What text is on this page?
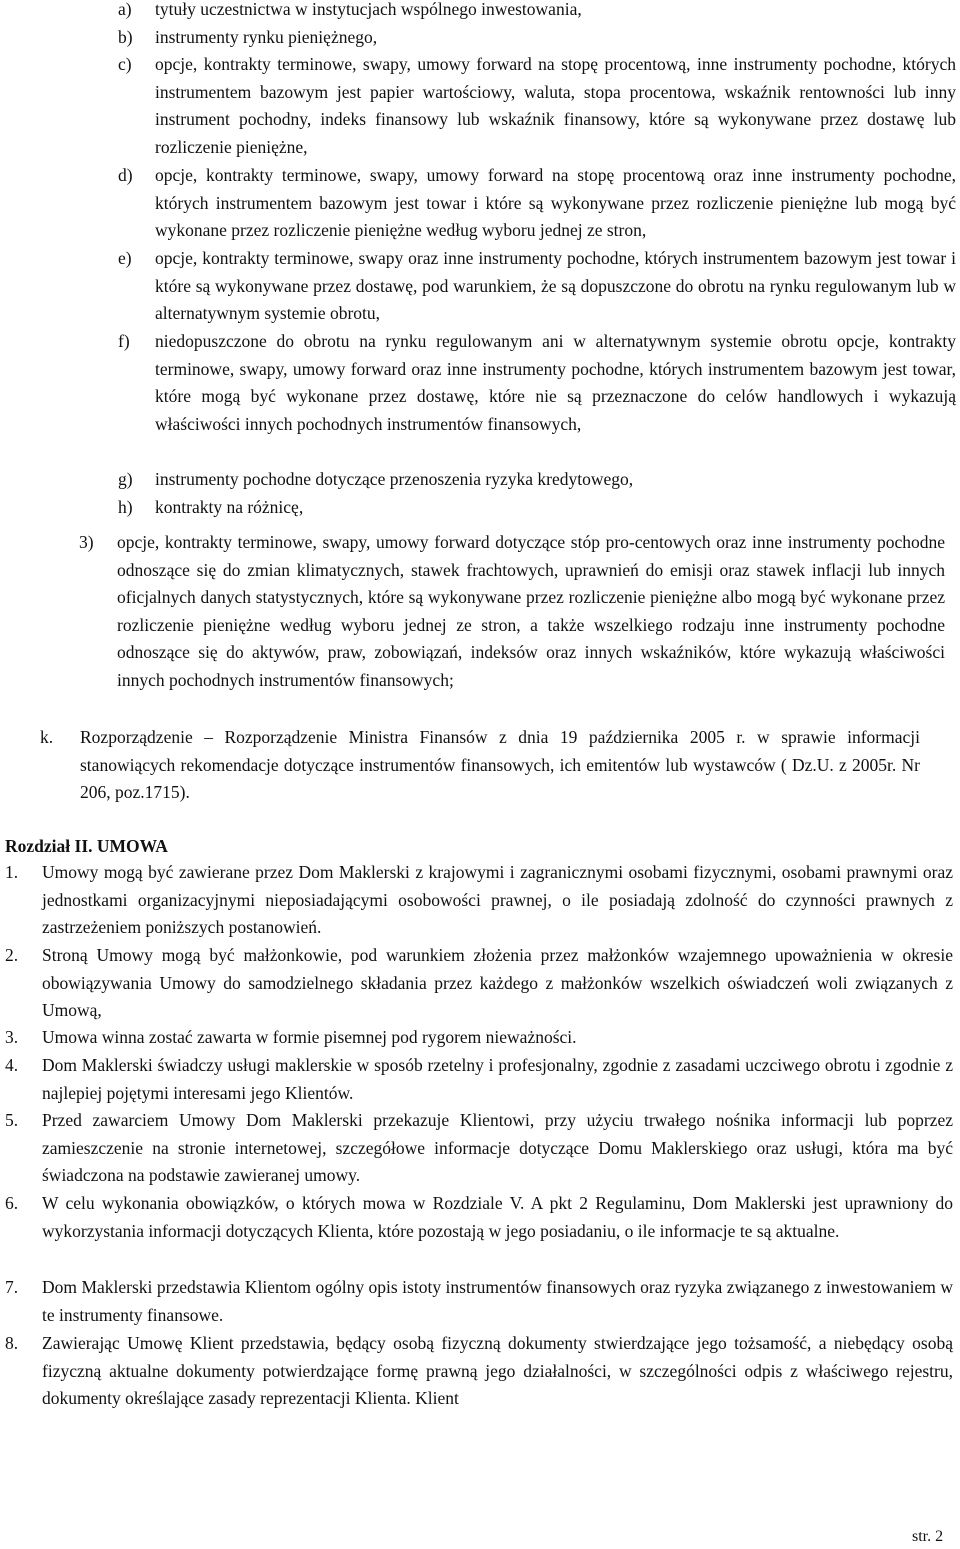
a) tytuły uczestnictwa w instytucjach wspólnego inwestowania,
b) instrumenty rynku pieniężnego,
c) opcje, kontrakty terminowe, swapy, umowy forward na stopę procentową, inne instrumenty pochodne, których instrumentem bazowym jest papier wartościowy, waluta, stopa procentowa, wskaźnik rentowności lub inny instrument pochodny, indeks finansowy lub wskaźnik finansowy, które są wykonywane przez dostawę lub rozliczenie pieniężne,
d) opcje, kontrakty terminowe, swapy, umowy forward na stopę procentową oraz inne instrumenty pochodne, których instrumentem bazowym jest towar i które są wykonywane przez rozliczenie pieniężne lub mogą być wykonane przez rozliczenie pieniężne według wyboru jednej ze stron,
e) opcje, kontrakty terminowe, swapy oraz inne instrumenty pochodne, których instrumentem bazowym jest towar i które są wykonywane przez dostawę, pod warunkiem, że są dopuszczone do obrotu na rynku regulowanym lub w alternatywnym systemie obrotu,
f) niedopuszczone do obrotu na rynku regulowanym ani w alternatywnym systemie obrotu opcje, kontrakty terminowe, swapy, umowy forward oraz inne instrumenty pochodne, których instrumentem bazowym jest towar, które mogą być wykonane przez dostawę, które nie są przeznaczone do celów handlowych i wykazują właściwości innych pochodnych instrumentów finansowych,
g) instrumenty pochodne dotyczące przenoszenia ryzyka kredytowego,
h) kontrakty na różnicę,
3) opcje, kontrakty terminowe, swapy, umowy forward dotyczące stóp pro-centowych oraz inne instrumenty pochodne odnoszące się do zmian klimatycznych, stawek frachtowych, uprawnień do emisji oraz stawek inflacji lub innych oficjalnych danych statystycznych, które są wykonywane przez rozliczenie pieniężne albo mogą być wykonane przez rozliczenie pieniężne według wyboru jednej ze stron, a także wszelkiego rodzaju inne instrumenty pochodne odnoszące się do aktywów, praw, zobowiązań, indeksów oraz innych wskaźników, które wykazują właściwości innych pochodnych instrumentów finansowych;
k. Rozporządzenie – Rozporządzenie Ministra Finansów z dnia 19 października 2005 r. w sprawie informacji stanowiących rekomendacje dotyczące instrumentów finansowych, ich emitentów lub wystawców ( Dz.U. z 2005r. Nr 206, poz.1715).
Rozdział II. UMOWA
1. Umowy mogą być zawierane przez Dom Maklerski z krajowymi i zagranicznymi osobami fizycznymi, osobami prawnymi oraz jednostkami organizacyjnymi nieposiadającymi osobowości prawnej, o ile posiadają zdolność do czynności prawnych z zastrzeżeniem poniższych postanowień.
2. Stroną Umowy mogą być małżonkowie, pod warunkiem złożenia przez małżonków wzajemnego upoważnienia w okresie obowiązywania Umowy do samodzielnego składania przez każdego z małżonków wszelkich oświadczeń woli związanych z Umową,
3. Umowa winna zostać zawarta w formie pisemnej pod rygorem nieważności.
4. Dom Maklerski świadczy usługi maklerskie w sposób rzetelny i profesjonalny, zgodnie z zasadami uczciwego obrotu i zgodnie z najlepiej pojętymi interesami jego Klientów.
5. Przed zawarciem Umowy Dom Maklerski przekazuje Klientowi, przy użyciu trwałego nośnika informacji lub poprzez zamieszczenie na stronie internetowej, szczegółowe informacje dotyczące Domu Maklerskiego oraz usługi, która ma być świadczona na podstawie zawieranej umowy.
6. W celu wykonania obowiązków, o których mowa w Rozdziale V. A pkt 2 Regulaminu, Dom Maklerski jest uprawniony do wykorzystania informacji dotyczących Klienta, które pozostają w jego posiadaniu, o ile informacje te są aktualne.
7. Dom Maklerski przedstawia Klientom ogólny opis istoty instrumentów finansowych oraz ryzyka związanego z inwestowaniem w te instrumenty finansowe.
8. Zawierając Umowę Klient przedstawia, będący osobą fizyczną dokumenty stwierdzające jego tożsamość, a niebędący osobą fizyczną aktualne dokumenty potwierdzające formę prawną jego działalności, w szczególności odpis z właściwego rejestru, dokumenty określające zasady reprezentacji Klienta. Klient
str. 2
